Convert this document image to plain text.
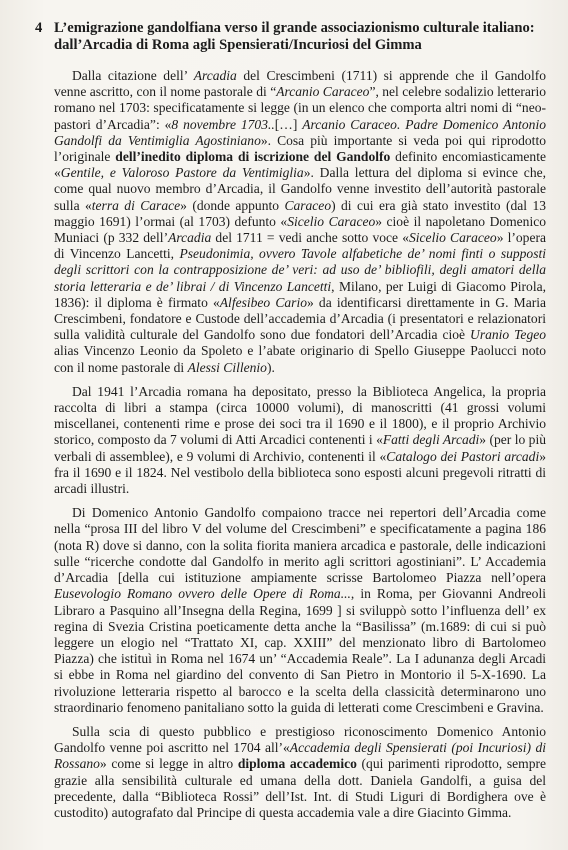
4 L’emigrazione gandolfiana verso il grande associazionismo culturale italiano:
dall’Arcadia di Roma agli Spensierati/Incuriosi del Gimma

Dalla citazione dell’ Arcadia del Crescimbeni (1711) si apprende che il Gandolfo venne ascritto, con il nome pastorale di “Arcanio Caraceo”, nel celebre sodalizio letterario romano nel 1703: specificatamente si legge (in un elenco che comporta altri nomi di “neo-pastori d’Arcadia”: «8 novembre 1703..[…] Arcanio Caraceo. Padre Domenico Antonio Gandolfi da Ventimiglia Agostiniano». Cosa più importante si veda poi qui riprodotto l’originale dell’inedito diploma di iscrizione del Gandolfo definito encomiasticamente «Gentile, e Valoroso Pastore da Ventimiglia». Dalla lettura del diploma si evince che, come qual nuovo membro d’Arcadia, il Gandolfo venne investito dell’autorità pastorale sulla «terra di Carace» (donde appunto Caraceo) di cui era già stato investito (dal 13 maggio 1691) l’ormai (al 1703) defunto «Sicelio Caraceo» cioè il napoletano Domenico Muniaci (p 332 dell’Arcadia del 1711 = vedi anche sotto voce «Sicelio Caraceo» l’opera di Vincenzo Lancetti, Pseudonimia, ovvero Tavole alfabetiche de’ nomi finti o supposti degli scrittori con la contrapposizione de’ veri: ad uso de’ bibliofili, degli amatori della storia letteraria e de’ librai / di Vincenzo Lancetti, Milano, per Luigi di Giacomo Pirola, 1836): il diploma è firmato «Alfesibeo Cario» da identificarsi direttamente in G. Maria Crescimbeni, fondatore e Custode dell’accademia d’Arcadia (i presentatori e relazionatori sulla validità culturale del Gandolfo sono due fondatori dell’Arcadia cioè Uranio Tegeo alias Vincenzo Leonio da Spoleto e l’abate originario di Spello Giuseppe Paolucci noto con il nome pastorale di Alessi Cillenio).

Dal 1941 l’Arcadia romana ha depositato, presso la Biblioteca Angelica, la propria raccolta di libri a stampa (circa 10000 volumi), di manoscritti (41 grossi volumi miscellanei, contenenti rime e prose dei soci tra il 1690 e il 1800), e il proprio Archivio storico, composto da 7 volumi di Atti Arcadici contenenti i «Fatti degli Arcadi» (per lo più verbali di assemblee), e 9 volumi di Archivio, contenenti il «Catalogo dei Pastori arcadi» fra il 1690 e il 1824. Nel vestibolo della biblioteca sono esposti alcuni pregevoli ritratti di arcadi illustri.

Di Domenico Antonio Gandolfo compaiono tracce nei repertori dell’Arcadia come nella “prosa III del libro V del volume del Crescimbeni” e specificatamente a pagina 186 (nota R) dove si danno, con la solita fiorita maniera arcadica e pastorale, delle indicazioni sulle “ricerche condotte dal Gandolfo in merito agli scrittori agostiniani”. L’ Accademia d’Arcadia [della cui istituzione ampiamente scrisse Bartolomeo Piazza nell’opera Eusevologio Romano ovvero delle Opere di Roma..., in Roma, per Giovanni Andreoli Libraro a Pasquino all’Insegna della Regina, 1699 ] si sviluppò sotto l’influenza dell’ ex regina di Svezia Cristina poeticamente detta anche la “Basilissa” (m.1689: di cui si può leggere un elogio nel “Trattato XI, cap. XXIII” del menzionato libro di Bartolomeo Piazza) che istituì in Roma nel 1674 un’ “Accademia Reale”. La I adunanza degli Arcadi si ebbe in Roma nel giardino del convento di San Pietro in Montorio il 5-X-1690. La rivoluzione letteraria rispetto al barocco e la scelta della classicità determinarono uno straordinario fenomeno panitaliano sotto la guida di letterati come Crescimbeni e Gravina.

Sulla scia di questo pubblico e prestigioso riconoscimento Domenico Antonio Gandolfo venne poi ascritto nel 1704 all’«Accademia degli Spensierati (poi Incuriosi) di Rossano» come si legge in altro diploma accademico (qui parimenti riprodotto, sempre grazie alla sensibilità culturale ed umana della dott. Daniela Gandolfi, a guisa del precedente, dalla “Biblioteca Rossi” dell’Ist. Int. di Studi Liguri di Bordighera ove è custodito) autografato dal Principe di questa accademia vale a dire Giacinto Gimma.
